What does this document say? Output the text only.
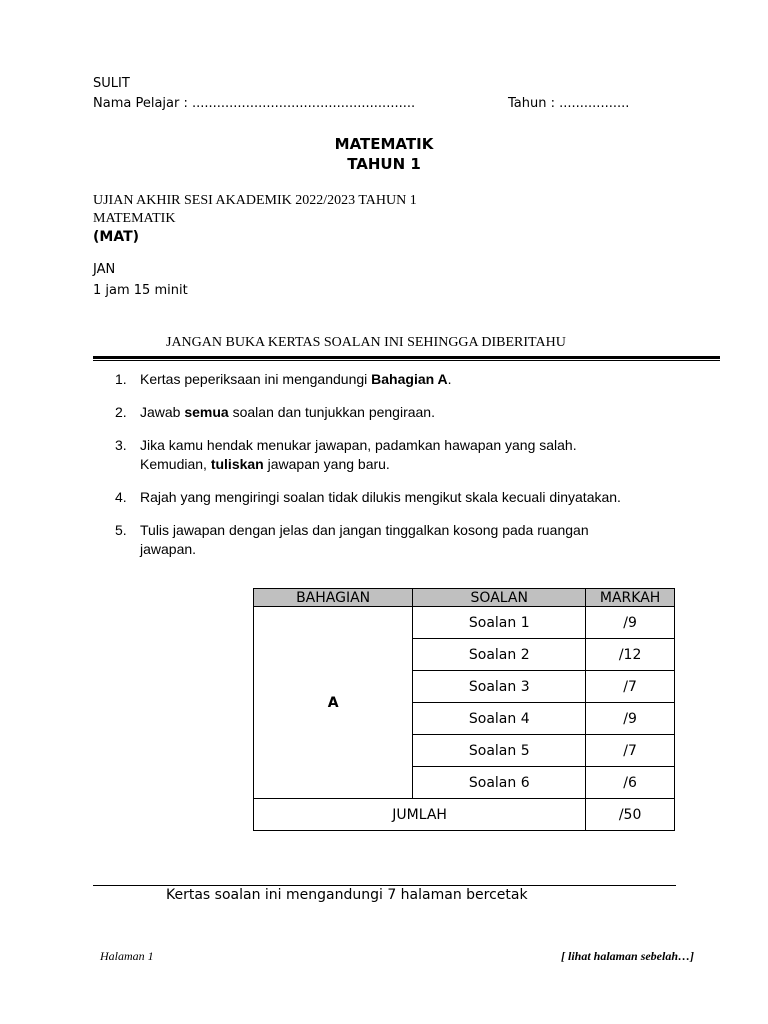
SULIT
Nama Pelajar : ......................................................	Tahun : .................
MATEMATIK
TAHUN 1
UJIAN AKHIR SESI AKADEMIK 2022/2023 TAHUN 1
MATEMATIK
(MAT)
JAN
1 jam 15 minit
JANGAN BUKA KERTAS SOALAN INI SEHINGGA DIBERITAHU
1. Kertas peperiksaan ini mengandungi Bahagian A.
2. Jawab semua soalan dan tunjukkan pengiraan.
3. Jika kamu hendak menukar jawapan, padamkan hawapan yang salah. Kemudian, tuliskan jawapan yang baru.
4. Rajah yang mengiringi soalan tidak dilukis mengikut skala kecuali dinyatakan.
5. Tulis jawapan dengan jelas dan jangan tinggalkan kosong pada ruangan jawapan.
BAHAGIAN	SOALAN	MARKAH
A	Soalan 1	/9
	Soalan 2	/12
	Soalan 3	/7
	Soalan 4	/9
	Soalan 5	/7
	Soalan 6	/6
JUMLAH		/50
Kertas soalan ini mengandungi 7 halaman bercetak
Halaman 1	[ lihat halaman sebelah…]
